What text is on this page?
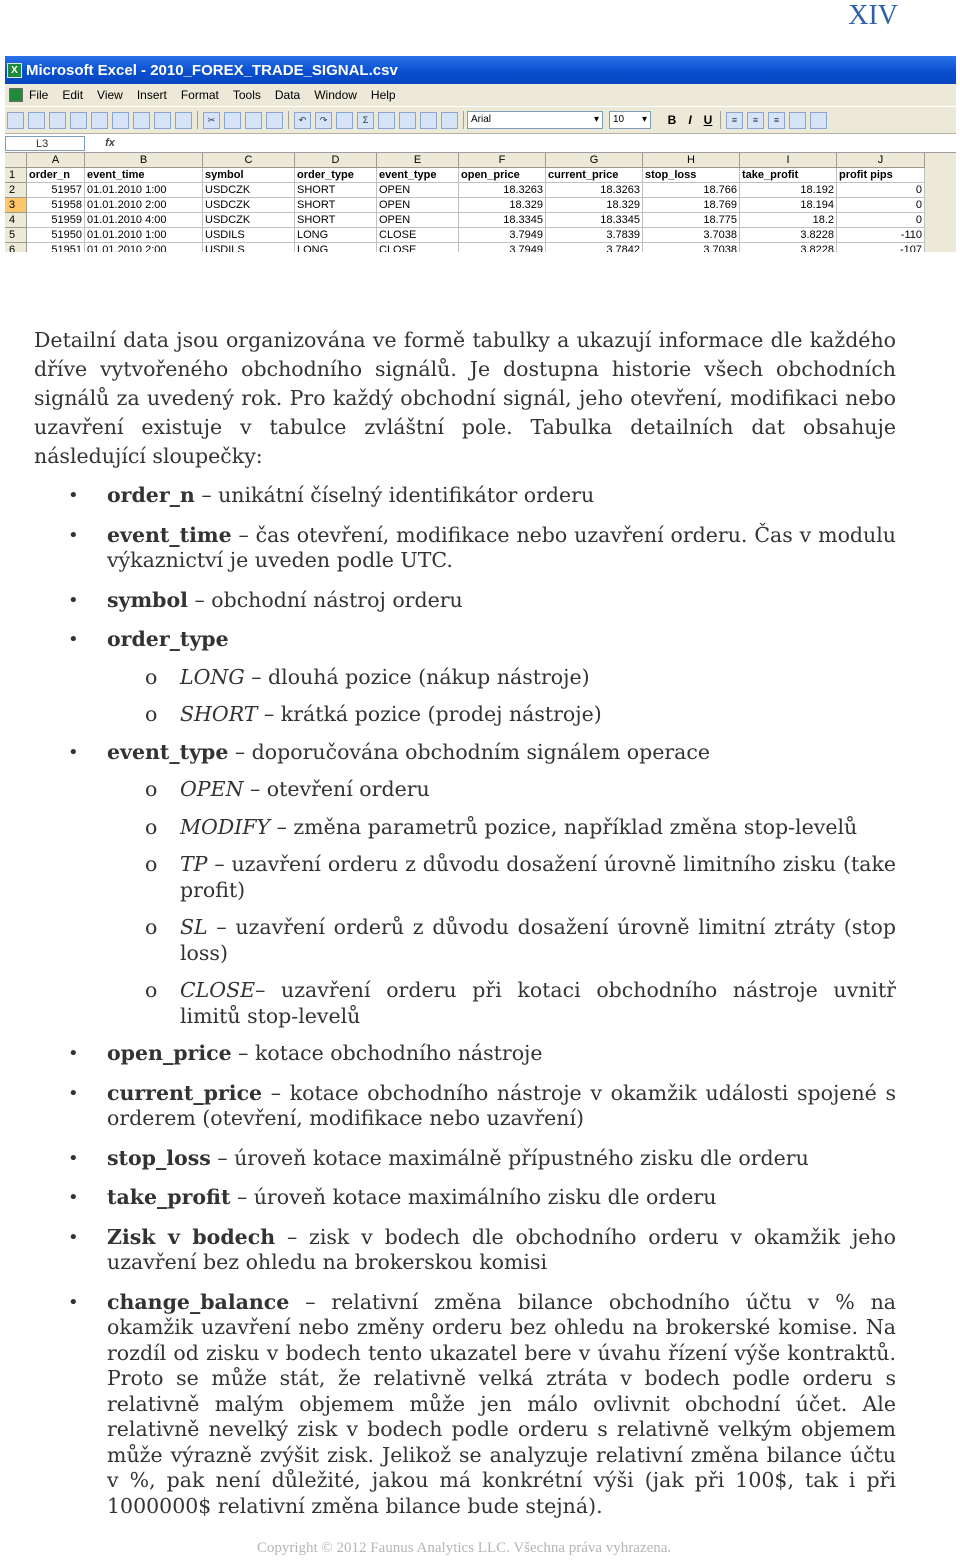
XIV
X Microsoft Excel - 2010_FOREX_TRADE_SIGNAL.csv
File Edit View Insert Format Tools Data Window Help
✂	↶	↷	Σ	Arial	▾ 10 ▾	B	I U	≡	≡	≡
L3	fx
A	B	C	D	E	F	G	H	I	J
1	order_n	event_time	symbol	order_type	event_type	open_price	current_price	stop_loss	take_profit	profit pips
2	51957 01.01.2010 1:00	USDCZK	SHORT	OPEN	18.3263	18.3263	18.766	18.192	0
3	51958 01.01.2010 2:00	USDCZK	SHORT	OPEN	18.329	18.329	18.769	18.194	0
4	51959 01.01.2010 4:00	USDCZK	SHORT	OPEN	18.3345	18.3345	18.775	18.2	0
5	51950 01.01.2010 1:00	USDILS	LONG	CLOSE	3.7949	3.7839	3.7038	3.8228	-110
6	51951 01.01.2010 2:00	USDILS	LONG	CLOSE	3.7949	3.7842	3.7038	3.8228	-107

Detailní data jsou organizována ve formě tabulky a ukazují informace dle každého dříve vytvořeného obchodního signálů. Je dostupna historie všech obchodních signálů za uvedený rok. Pro každý obchodní signál, jeho otevření, modifikaci nebo uzavření existuje v tabulce zvláštní pole. Tabulka detailních dat obsahuje následující sloupečky:

• order_n – unikátní číselný identifikátor orderu
• event_time – čas otevření, modifikace nebo uzavření orderu. Čas v modulu výkaznictví je uveden podle UTC.
• symbol – obchodní nástroj orderu
• order_type
o LONG – dlouhá pozice (nákup nástroje)
o SHORT – krátká pozice (prodej nástroje)
• event_type – doporučována obchodním signálem operace
o OPEN – otevření orderu
o MODIFY – změna parametrů pozice, například změna stop-levelů
o TP – uzavření orderu z důvodu dosažení úrovně limitního zisku (take profit)
o SL – uzavření orderů z důvodu dosažení úrovně limitní ztráty (stop loss)
o CLOSE– uzavření orderu při kotaci obchodního nástroje uvnitř limitů stop-levelů
• open_price – kotace obchodního nástroje
• current_price – kotace obchodního nástroje v okamžik události spojené s orderem (otevření, modifikace nebo uzavření)
• stop_loss – úroveň kotace maximálně přípustného zisku dle orderu
• take_profit – úroveň kotace maximálního zisku dle orderu
• Zisk v bodech – zisk v bodech dle obchodního orderu v okamžik jeho uzavření bez ohledu na brokerskou komisi
• change_balance – relativní změna bilance obchodního účtu v % na okamžik uzavření nebo změny orderu bez ohledu na brokerské komise. Na rozdíl od zisku v bodech tento ukazatel bere v úvahu řízení výše kontraktů. Proto se může stát, že relativně velká ztráta v bodech podle orderu s relativně malým objemem může jen málo ovlivnit obchodní účet. Ale relativně nevelký zisk v bodech podle orderu s relativně velkým objemem může výrazně zvýšit zisk. Jelikož se analyzuje relativní změna bilance účtu v %, pak není důležité, jakou má konkrétní výši (jak při 100$, tak i při 1000000$ relativní změna bilance bude stejná).
Copyright © 2012 Faunus Analytics LLC. Všechna práva vyhrazena.
